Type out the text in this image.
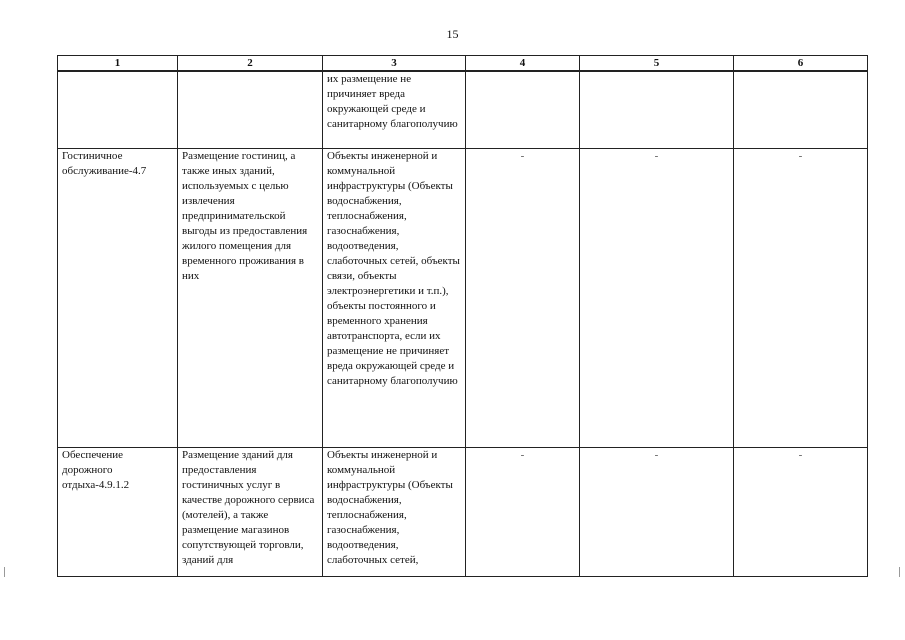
15
1	2	3	4	5	6
		их размещение не причиняет вреда окружающей среде и санитарному благополучию			
Гостиничное обслуживание-4.7	Размещение гостиниц, а также иных зданий, используемых с целью извлечения предпринимательской выгоды из предоставления жилого помещения для временного проживания в них	Объекты инженерной и коммунальной инфраструктуры (Объекты водоснабжения, теплоснабжения, газоснабжения, водоотведения, слаботочных сетей, объекты связи, объекты электроэнергетики и т.п.), объекты постоянного и временного хранения автотранспорта, если их размещение не причиняет вреда окружающей среде и санитарному благополучию	-	-	-

Обеспечение дорожного отдыха-4.9.1.2	Размещение зданий для предоставления гостиничных услуг в качестве дорожного сервиса (мотелей), а также размещение магазинов сопутствующей торговли, зданий для	Объекты инженерной и коммунальной инфраструктуры (Объекты водоснабжения, теплоснабжения, газоснабжения, водоотведения, слаботочных сетей,	-	-	-
